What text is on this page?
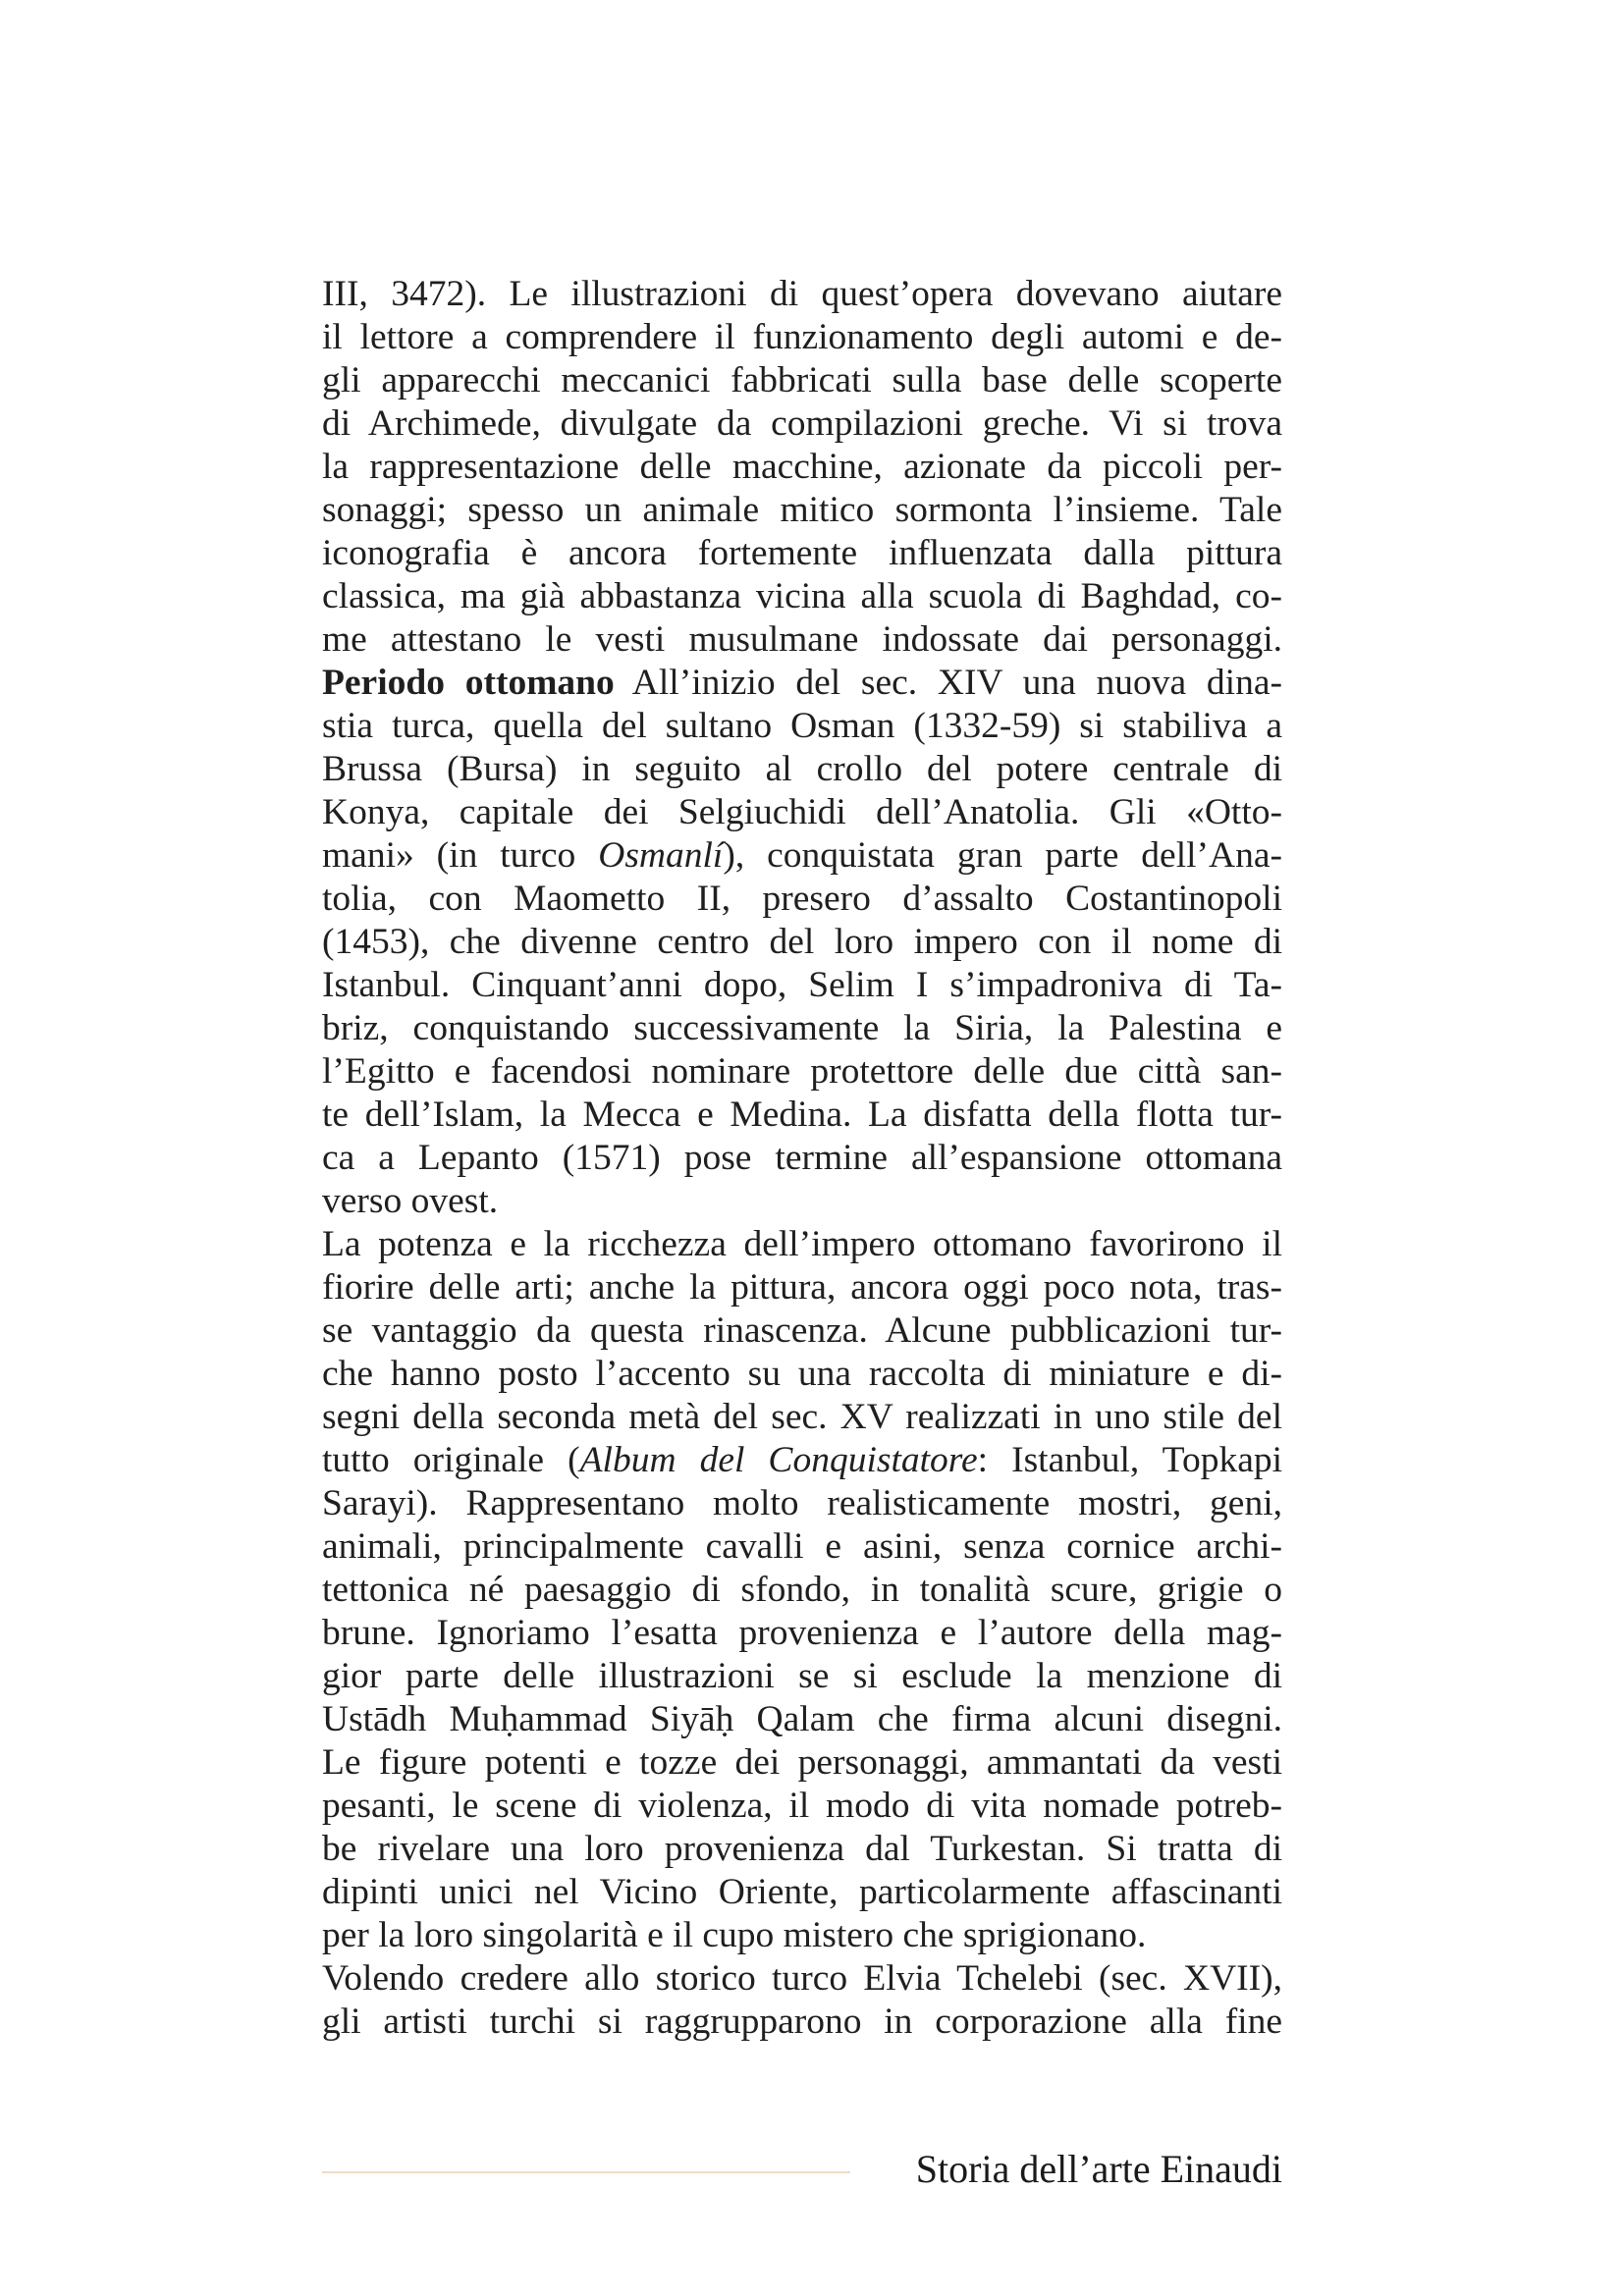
III, 3472). Le illustrazioni di quest’opera dovevano aiutare
il lettore a comprendere il funzionamento degli automi e de-
gli apparecchi meccanici fabbricati sulla base delle scoperte
di Archimede, divulgate da compilazioni greche. Vi si trova
la rappresentazione delle macchine, azionate da piccoli per-
sonaggi; spesso un animale mitico sormonta l’insieme. Tale
iconografia è ancora fortemente influenzata dalla pittura
classica, ma già abbastanza vicina alla scuola di Baghdad, co-
me attestano le vesti musulmane indossate dai personaggi.
Periodo ottomano All’inizio del sec. XIV una nuova dina-
stia turca, quella del sultano Osman (1332-59) si stabiliva a
Brussa (Bursa) in seguito al crollo del potere centrale di
Konya, capitale dei Selgiuchidi dell’Anatolia. Gli «Otto-
mani» (in turco Osmanlí), conquistata gran parte dell’Ana-
tolia, con Maometto II, presero d’assalto Costantinopoli
(1453), che divenne centro del loro impero con il nome di
Istanbul. Cinquant’anni dopo, Selim I s’impadroniva di Ta-
briz, conquistando successivamente la Siria, la Palestina e
l’Egitto e facendosi nominare protettore delle due città san-
te dell’Islam, la Mecca e Medina. La disfatta della flotta tur-
ca a Lepanto (1571) pose termine all’espansione ottomana
verso ovest.
La potenza e la ricchezza dell’impero ottomano favorirono il
fiorire delle arti; anche la pittura, ancora oggi poco nota, tras-
se vantaggio da questa rinascenza. Alcune pubblicazioni tur-
che hanno posto l’accento su una raccolta di miniature e di-
segni della seconda metà del sec. XV realizzati in uno stile del
tutto originale (Album del Conquistatore: Istanbul, Topkapi
Sarayi). Rappresentano molto realisticamente mostri, geni,
animali, principalmente cavalli e asini, senza cornice archi-
tettonica né paesaggio di sfondo, in tonalità scure, grigie o
brune. Ignoriamo l’esatta provenienza e l’autore della mag-
gior parte delle illustrazioni se si esclude la menzione di
Ustādh Muḥammad Siyāḥ Qalam che firma alcuni disegni.
Le figure potenti e tozze dei personaggi, ammantati da vesti
pesanti, le scene di violenza, il modo di vita nomade potreb-
be rivelare una loro provenienza dal Turkestan. Si tratta di
dipinti unici nel Vicino Oriente, particolarmente affascinanti
per la loro singolarità e il cupo mistero che sprigionano.
Volendo credere allo storico turco Elvia Tchelebi (sec. XVII),
gli artisti turchi si raggrupparono in corporazione alla fine
Storia dell’arte Einaudi
